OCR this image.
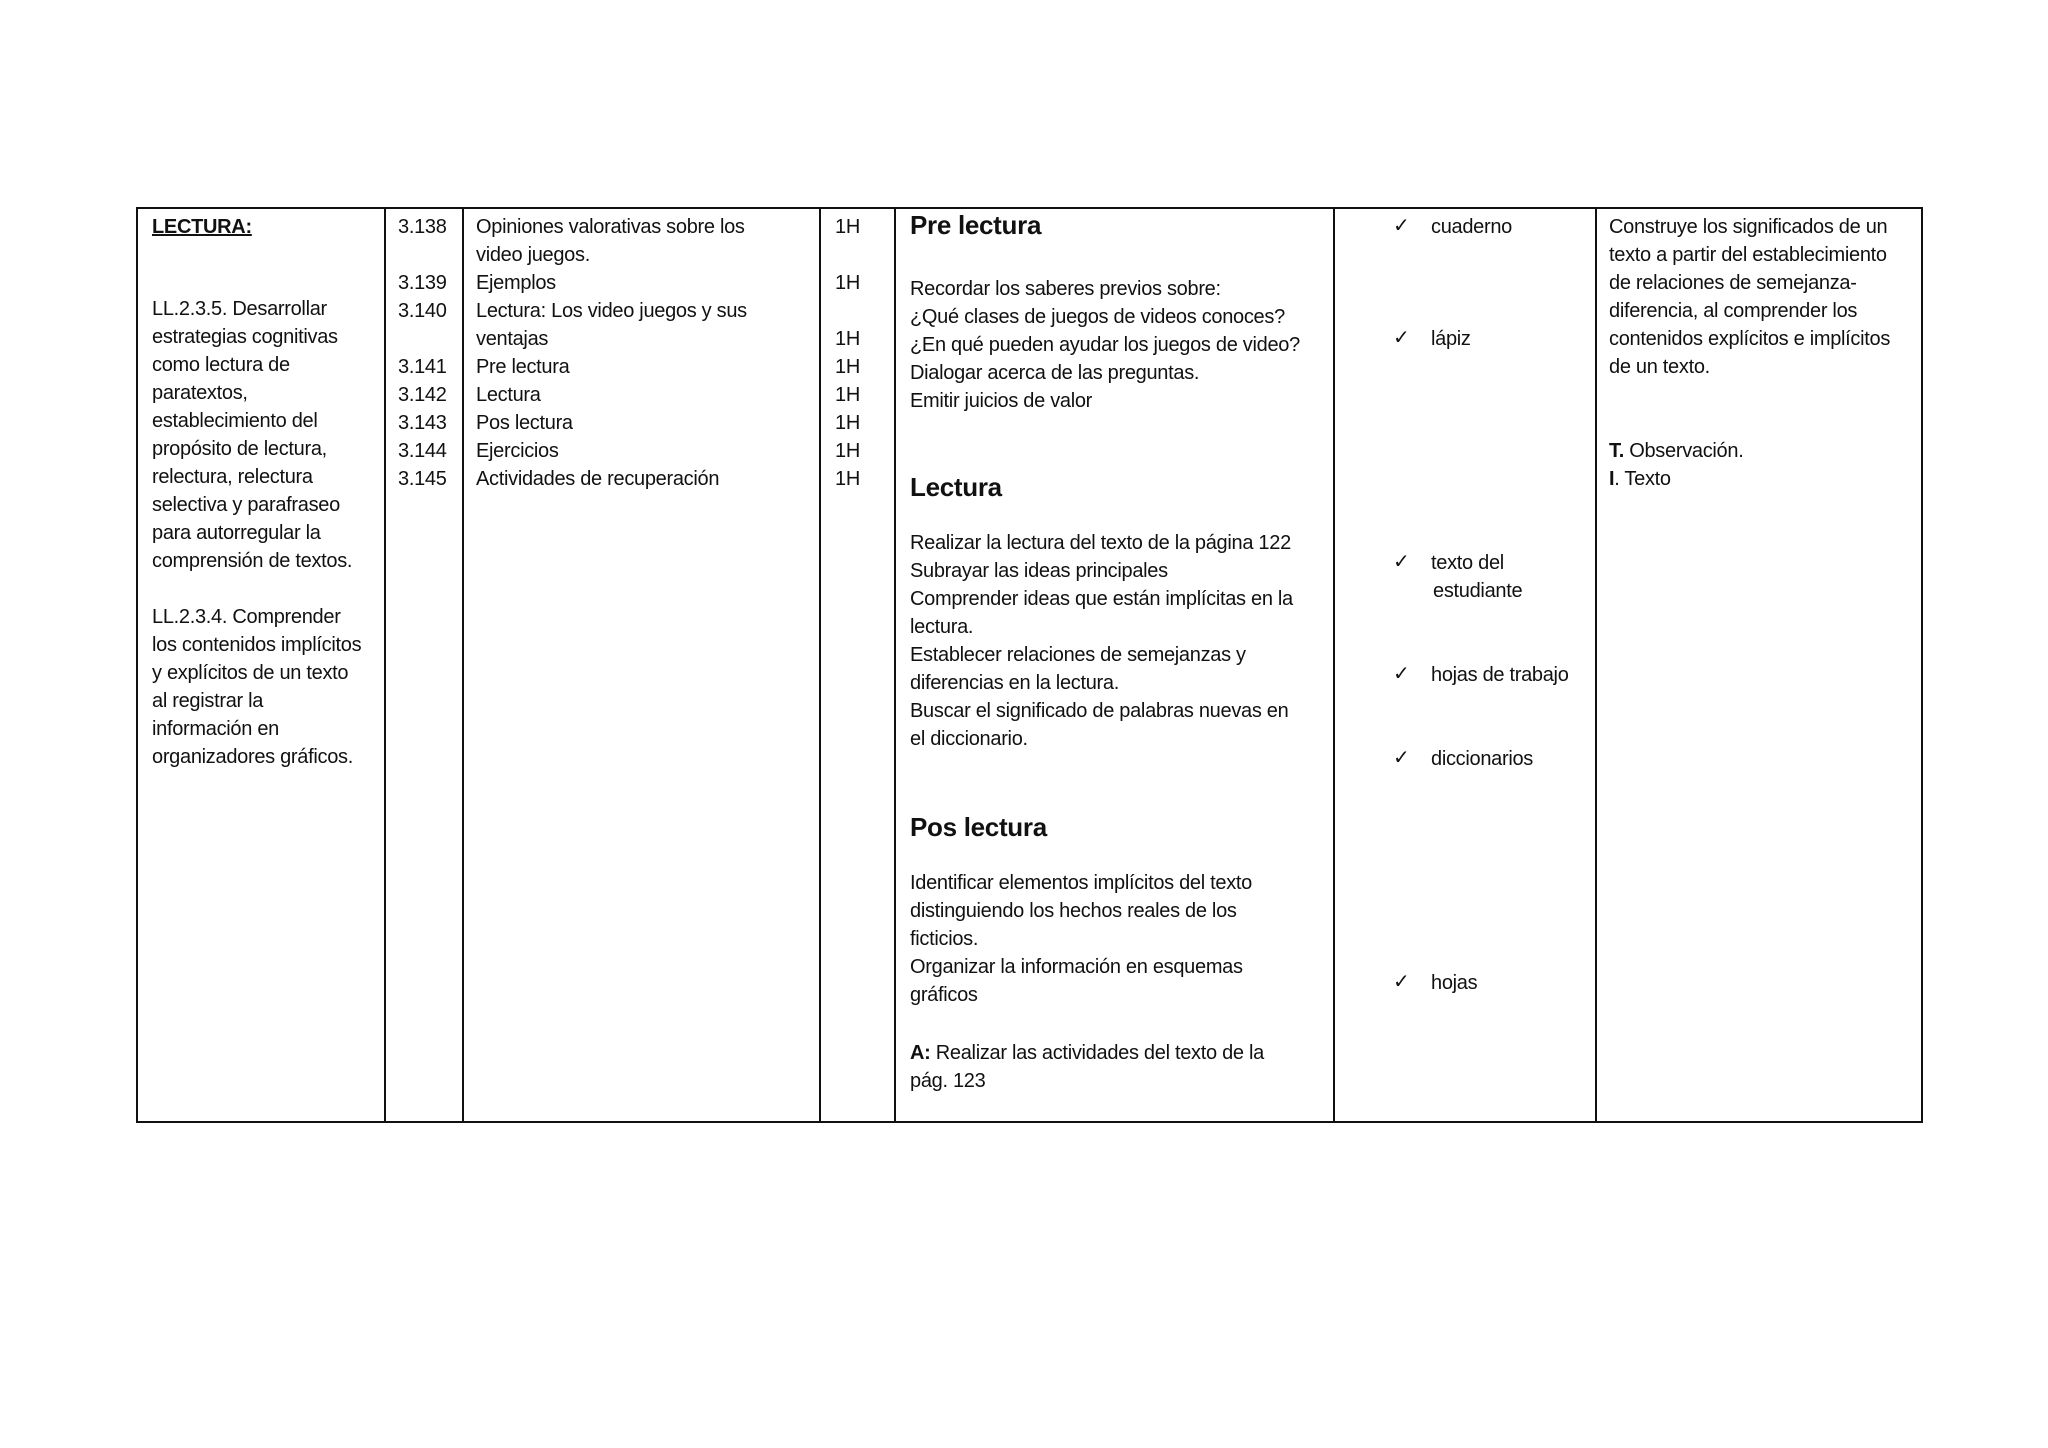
LECTURA:
LL.2.3.5. Desarrollar
estrategias cognitivas
como lectura de
paratextos,
establecimiento del
propósito de lectura,
relectura, relectura
selectiva y parafraseo
para autorregular la
comprensión de textos.
LL.2.3.4. Comprender
los contenidos implícitos
y explícitos de un texto
al registrar la
información en
organizadores gráficos.
3.138
3.139
3.140
3.141
3.142
3.143
3.144
3.145
Opiniones valorativas sobre los
video juegos.
Ejemplos
Lectura: Los video juegos y sus
ventajas
Pre lectura
Lectura
Pos lectura
Ejercicios
Actividades de recuperación
1H
1H
1H
1H
1H
1H
1H
1H
Pre lectura
Recordar los saberes previos sobre:
¿Qué clases de juegos de videos conoces?
¿En qué pueden ayudar los juegos de video?
Dialogar acerca de las preguntas.
Emitir juicios de valor
Lectura
Realizar la lectura del texto de la página 122
Subrayar las ideas principales
Comprender ideas que están implícitas en la
lectura.
Establecer relaciones de semejanzas y
diferencias en la lectura.
Buscar el significado de palabras nuevas en
el diccionario.
Pos lectura
Identificar elementos implícitos del texto
distinguiendo los hechos reales de los
ficticios.
Organizar la información en esquemas
gráficos
A: Realizar las actividades del texto de la
pág. 123
✓ cuaderno
✓ lápiz
✓ texto del
estudiante
✓ hojas de trabajo
✓ diccionarios
✓ hojas
Construye los significados de un
texto a partir del establecimiento
de relaciones de semejanza-
diferencia, al comprender los
contenidos explícitos e implícitos
de un texto.
T. Observación.
I. Texto
